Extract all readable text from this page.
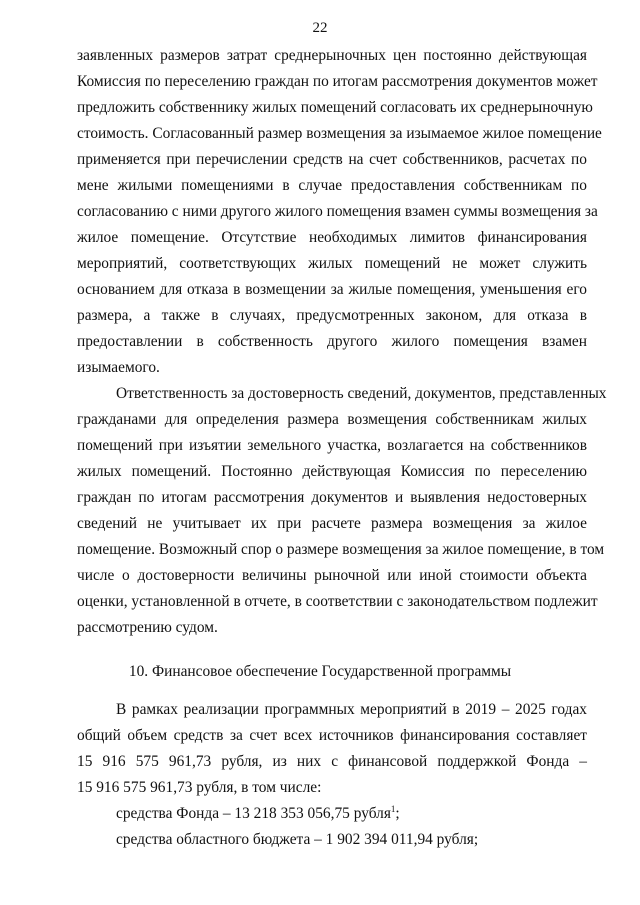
22
заявленных размеров затрат среднерыночных цен постоянно действующая
Комиссия по переселению граждан по итогам рассмотрения документов может
предложить собственнику жилых помещений согласовать их среднерыночную
стоимость. Согласованный размер возмещения за изымаемое жилое помещение
применяется при перечислении средств на счет собственников, расчетах по
мене жилыми помещениями в случае предоставления собственникам по
согласованию с ними другого жилого помещения взамен суммы возмещения за
жилое помещение. Отсутствие необходимых лимитов финансирования
мероприятий, соответствующих жилых помещений не может служить
основанием для отказа в возмещении за жилые помещения, уменьшения его
размера, а также в случаях, предусмотренных законом, для отказа в
предоставлении в собственность другого жилого помещения взамен
изымаемого.
Ответственность за достоверность сведений, документов, представленных
гражданами для определения размера возмещения собственникам жилых
помещений при изъятии земельного участка, возлагается на собственников
жилых помещений. Постоянно действующая Комиссия по переселению
граждан по итогам рассмотрения документов и выявления недостоверных
сведений не учитывает их при расчете размера возмещения за жилое
помещение. Возможный спор о размере возмещения за жилое помещение, в том
числе о достоверности величины рыночной или иной стоимости объекта
оценки, установленной в отчете, в соответствии с законодательством подлежит
рассмотрению судом.
10. Финансовое обеспечение Государственной программы
В рамках реализации программных мероприятий в 2019 – 2025 годах
общий объем средств за счет всех источников финансирования составляет
15 916 575 961,73 рубля, из них с финансовой поддержкой Фонда –
15 916 575 961,73 рубля, в том числе:
средства Фонда – 13 218 353 056,75 рубля$^1$;
средства областного бюджета – 1 902 394 011,94 рубля;
